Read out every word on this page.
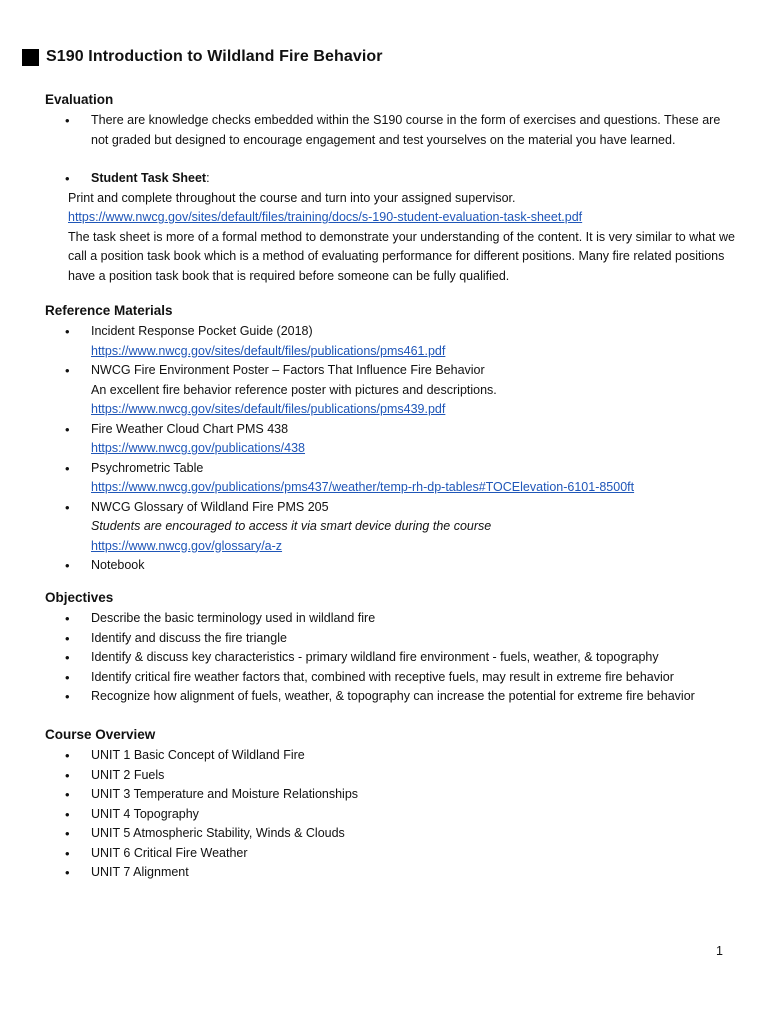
S190 Introduction to Wildland Fire Behavior
Evaluation
• There are knowledge checks embedded within the S190 course in the form of exercises and questions. These are not graded but designed to encourage engagement and test yourselves on the material you have learned.
• Student Task Sheet:
Print and complete throughout the course and turn into your assigned supervisor.
https://www.nwcg.gov/sites/default/files/training/docs/s-190-student-evaluation-task-sheet.pdf
The task sheet is more of a formal method to demonstrate your understanding of the content. It is very similar to what we call a position task book which is a method of evaluating performance for different positions. Many fire related positions have a position task book that is required before someone can be fully qualified.
Reference Materials
• Incident Response Pocket Guide (2018)
https://www.nwcg.gov/sites/default/files/publications/pms461.pdf
• NWCG Fire Environment Poster – Factors That Influence Fire Behavior
An excellent fire behavior reference poster with pictures and descriptions.
https://www.nwcg.gov/sites/default/files/publications/pms439.pdf
• Fire Weather Cloud Chart PMS 438
https://www.nwcg.gov/publications/438
• Psychrometric Table
https://www.nwcg.gov/publications/pms437/weather/temp-rh-dp-tables#TOCElevation-6101-8500ft
• NWCG Glossary of Wildland Fire PMS 205
Students are encouraged to access it via smart device during the course
https://www.nwcg.gov/glossary/a-z
• Notebook
Objectives
• Describe the basic terminology used in wildland fire
• Identify and discuss the fire triangle
• Identify & discuss key characteristics - primary wildland fire environment - fuels, weather, & topography
• Identify critical fire weather factors that, combined with receptive fuels, may result in extreme fire behavior
• Recognize how alignment of fuels, weather, & topography can increase the potential for extreme fire behavior
Course Overview
• UNIT 1 Basic Concept of Wildland Fire
• UNIT 2 Fuels
• UNIT 3 Temperature and Moisture Relationships
• UNIT 4 Topography
• UNIT 5 Atmospheric Stability, Winds & Clouds
• UNIT 6 Critical Fire Weather
• UNIT 7 Alignment
1
